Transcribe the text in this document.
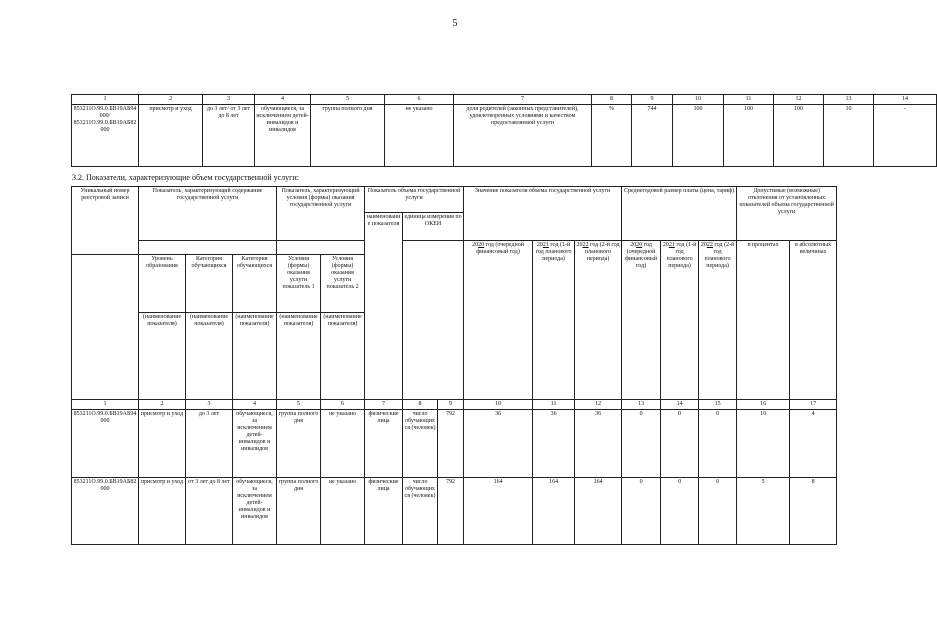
5
1	2	3	4	5	6	7	8	9	10	11	12	13	14
853211О.99.0.БВ19АБ94000/ 853211О.99.0.БВ19АБ82000	присмотр и уход	до 3 лет/ от 3 лет до 8 лет	обучающиеся, за исключением детей-инвалидов и инвалидов	группа полного дня	не указано	доля родителей (законных представителей), удовлетворенных условиями и качеством предоставляемой услуги	%	744	100	100	100	10	-
3.2. Показатели, характеризующие объем государственной услуги:
Уникальный номер реестровой записи	Показатель, характеризующий содержание государственной услуги			Показатель, характеризующий условия (формы) оказания государственной услуги		Показатель объема государственной услуги			Значение показателя объема государственной услуги			Среднегодовой размер платы (цена, тариф)			Допустимые (возможные) отклонения от установленных показателей объема государственной услуги		
						наименование показателя	единица измерения по ОКЕИ										
									2020 год (очередной финансовый год)	2021 год (1-й год планового периода)	2022 год (2-й год планового периода)	2020 год (очередной финансовый год)	2021 год (1-й год планового периода)	2022 год (2-й год планового периода)	в процентах	в абсолютных величинах	
	Уровень образования	Категория обучающихся	Категория обучающихся	Условия (формы) оказания услуги показатель 1	Условия (формы) оказания услуги показатель 2												
	(наименование показателя)	(наименование показателя)	(наименование показателя)	(наименование показателя)	(наименование показателя)		
1	2	3	4	5	6	7	8	9	10	11	12	13	14	15	16	17	
853211О.99.0.БВ19АБ94000	присмотр и уход	до 3 лет	обучающиеся, за исключением детей-инвалидов и инвалидов	группа полного дня	не указано	физические лица	число обучающихся (человек)	792	36	36	36	0	0	0	10	4	
853211О.99.0.БВ19АБ82000	присмотр и уход	от 3 лет до 8 лет	обучающиеся, за исключением детей-инвалидов и инвалидов	группа полного дня	не указано	физические лица	число обучающихся (человек)	792	164	164	164	0	0	0	5	8	
